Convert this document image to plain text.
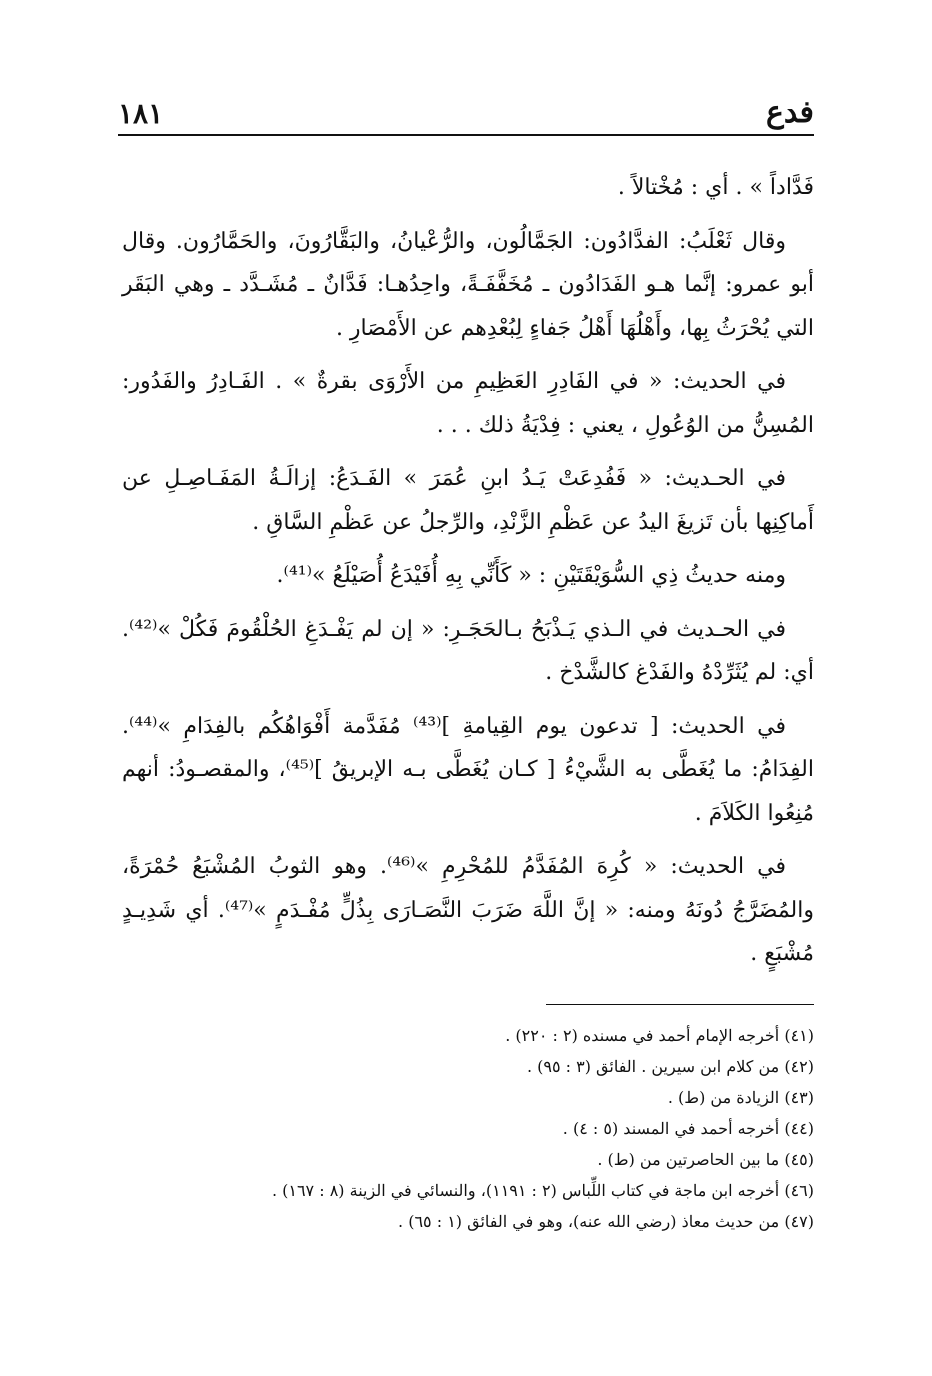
فدع
١٨١

فَدَّاداً » . أي : مُخْتالاً .

وقال ثَعْلَبُ: الفدَّادُون: الجَمَّالُون، والرُّعْيانُ، والبَقَّارُونَ، والحَمَّارُون. وقال أبو عمرو: إنَّما هـو الفَدَادُون ـ مُخَفَّفَـةً، واحِدُهـا: فَدَّانٌ ـ مُشَـدَّد ـ وهي البَقَر التي يُحْرَثُ بِها، وأَهْلُهَا أَهْلُ جَفاءٍ لِبُعْدِهم عن الأَمْصَارِ .

في الحديث: « في الفَادِرِ العَظِيمِ من الأَرْوَى بقرةٌ » . الفَـادِرُ والفَدُور: المُسِنُّ من الوُعُولِ ، يعني : فِدْيَةُ ذلك . . .

في الحـديث: « فَفُدِعَتْ يَـدُ ابنِ عُمَرَ » الفَـدَعُ: إزالَـةُ المَفَـاصِـلِ عن أَماكِنِها بأن تَزيغَ اليدُ عن عَظْمِ الزَّنْدِ، والرِّجلُ عن عَظْمِ السَّاقِ .

ومنه حديثُ ذِي السُّوَيْقَتَيْنِ : « كَأَنِّي بِهِ أُفَيْدَعُ أُصَيْلَعُ »⁽⁴¹⁾.

في الحـديث في الـذي يَـذْبَحُ بـالحَجَـرِ: « إن لم يَفْـدَغِ الحُلْقُومَ فَكُلْ »⁽⁴²⁾. أي: لم يُثَرِّدْهُ والفَدْغ كالشَّدْخ .

في الحديث: [ تدعون يوم القِيامةِ ]⁽⁴³⁾ مُفَدَّمة أَفْوَاهُكُم بالفِدَامِ »⁽⁴⁴⁾. الفِدَامُ: ما يُغَطَّى به الشَّيْءُ [ كـان يُغَطَّى بـه الإبريقُ ]⁽⁴⁵⁾، والمقصـودُ: أنهم مُنِعُوا الكَلاَمَ .

في الحديث: « كُرِهَ المُفَدَّمُ للمُحْرِمِ »⁽⁴⁶⁾. وهو الثوبُ المُشْبَعُ حُمْرَةً، والمُضَرَّجُ دُونَهُ ومنه: « إنَّ اللَّهَ ضَرَبَ النَّصَـارَى بِذُلٍّ مُفْـدَمٍ »⁽⁴⁷⁾. أي شَدِيـدٍ مُشْبَعٍ .

(٤١) أخرجه الإمام أحمد في مسنده (٢ : ٢٢٠) .

(٤٢) من كلام ابن سيرين . الفائق (٣ : ٩٥) .

(٤٣) الزيادة من (ط) .

(٤٤) أخرجه أحمد في المسند (٥ : ٤) .

(٤٥) ما بين الحاصرتين من (ط) .

(٤٦) أخرجه ابن ماجة في كتاب اللِّباس (٢ : ١١٩١)، والنسائي في الزينة (٨ : ١٦٧) .

(٤٧) من حديث معاذ (رضي الله عنه)، وهو في الفائق (١ : ٦٥) .
